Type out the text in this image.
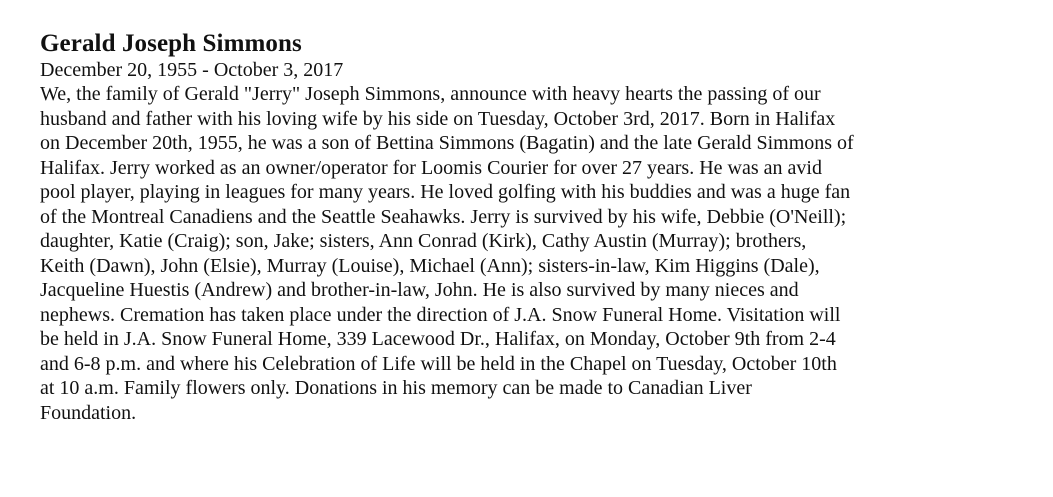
Gerald Joseph Simmons

December 20, 1955 - October 3, 2017

We, the family of Gerald "Jerry" Joseph Simmons, announce with heavy hearts the passing of our
husband and father with his loving wife by his side on Tuesday, October 3rd, 2017. Born in Halifax
on December 20th, 1955, he was a son of Bettina Simmons (Bagatin) and the late Gerald Simmons of
Halifax. Jerry worked as an owner/operator for Loomis Courier for over 27 years. He was an avid
pool player, playing in leagues for many years. He loved golfing with his buddies and was a huge fan
of the Montreal Canadiens and the Seattle Seahawks. Jerry is survived by his wife, Debbie (O'Neill);
daughter, Katie (Craig); son, Jake; sisters, Ann Conrad (Kirk), Cathy Austin (Murray); brothers,
Keith (Dawn), John (Elsie), Murray (Louise), Michael (Ann); sisters-in-law, Kim Higgins (Dale),
Jacqueline Huestis (Andrew) and brother-in-law, John. He is also survived by many nieces and
nephews. Cremation has taken place under the direction of J.A. Snow Funeral Home. Visitation will
be held in J.A. Snow Funeral Home, 339 Lacewood Dr., Halifax, on Monday, October 9th from 2-4
and 6-8 p.m. and where his Celebration of Life will be held in the Chapel on Tuesday, October 10th
at 10 a.m. Family flowers only. Donations in his memory can be made to Canadian Liver
Foundation.
